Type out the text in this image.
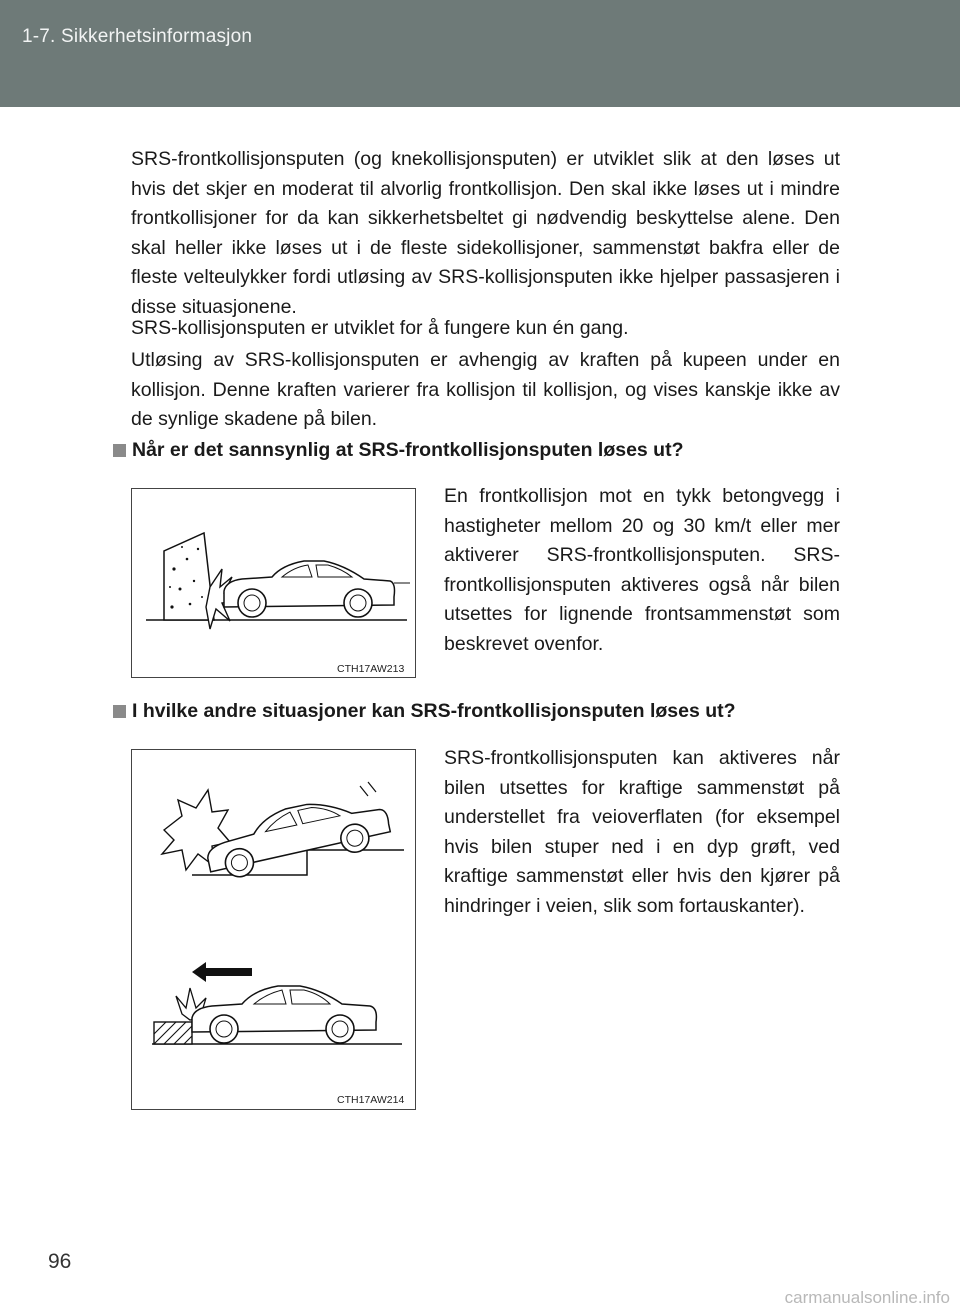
1-7. Sikkerhetsinformasjon

SRS-frontkollisjonsputen (og knekollisjonsputen) er utviklet slik at den løses ut hvis det skjer en moderat til alvorlig frontkollisjon. Den skal ikke løses ut i mindre frontkollisjoner for da kan sikkerhetsbeltet gi nødvendig beskyttelse alene. Den skal heller ikke løses ut i de fleste sidekollisjoner, sammenstøt bakfra eller de fleste velteulykker fordi utløsing av SRS-kollisjonsputen ikke hjelper passasjeren i disse situasjonene.

SRS-kollisjonsputen er utviklet for å fungere kun én gang.

Utløsing av SRS-kollisjonsputen er avhengig av kraften på kupeen under en kollisjon. Denne kraften varierer fra kollisjon til kollisjon, og vises kanskje ikke av de synlige skadene på bilen.

Når er det sannsynlig at SRS-frontkollisjonsputen løses ut?
CTH17AW213

En frontkollisjon mot en tykk betongvegg i hastigheter mellom 20 og 30 km/t eller mer aktiverer SRS-frontkollisjonsputen. SRS-frontkollisjonsputen aktiveres også når bilen utsettes for lignende frontsammenstøt som beskrevet ovenfor.

I hvilke andre situasjoner kan SRS-frontkollisjonsputen løses ut?
CTH17AW214

SRS-frontkollisjonsputen kan aktiveres når bilen utsettes for kraftige sammenstøt på understellet fra veioverflaten (for eksempel hvis bilen stuper ned i en dyp grøft, ved kraftige sammenstøt eller hvis den kjører på hindringer i veien, slik som fortauskanter).

96
carmanualsonline.info
